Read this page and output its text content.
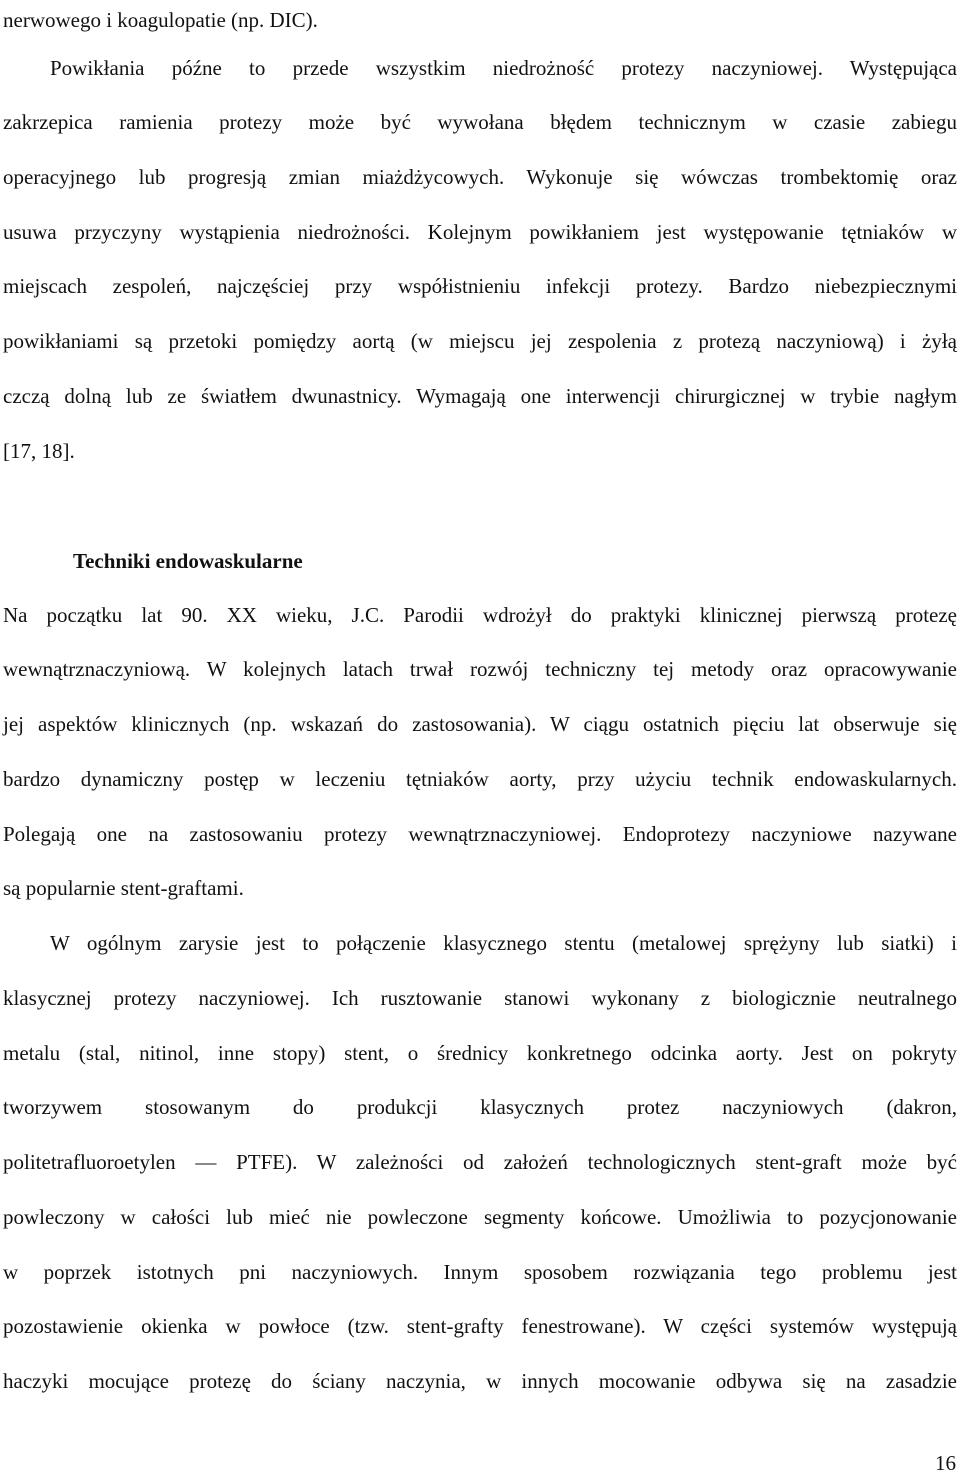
nerwowego i koagulopatie (np. DIC).
Powikłania późne to przede wszystkim niedrożność protezy naczyniowej. Występująca
zakrzepica ramienia protezy może być wywołana błędem technicznym w czasie zabiegu
operacyjnego lub progresją zmian miażdżycowych. Wykonuje się wówczas trombektomię oraz
usuwa przyczyny wystąpienia niedrożności. Kolejnym powikłaniem jest występowanie tętniaków w
miejscach zespoleń, najczęściej przy współistnieniu infekcji protezy. Bardzo niebezpiecznymi
powikłaniami są przetoki pomiędzy aortą (w miejscu jej zespolenia z protezą naczyniową) i żyłą
czczą dolną lub ze światłem dwunastnicy. Wymagają one interwencji chirurgicznej w trybie nagłym
[17, 18].
Techniki endowaskularne
Na początku lat 90. XX wieku, J.C. Parodii wdrożył do praktyki klinicznej pierwszą protezę
wewnątrznaczyniową. W kolejnych latach trwał rozwój techniczny tej metody oraz opracowywanie
jej aspektów klinicznych (np. wskazań do zastosowania). W ciągu ostatnich pięciu lat obserwuje się
bardzo dynamiczny postęp w leczeniu tętniaków aorty, przy użyciu technik endowaskularnych.
Polegają one na zastosowaniu protezy wewnątrznaczyniowej. Endoprotezy naczyniowe nazywane
są popularnie stent-graftami.
W ogólnym zarysie jest to połączenie klasycznego stentu (metalowej sprężyny lub siatki) i
klasycznej protezy naczyniowej. Ich rusztowanie stanowi wykonany z biologicznie neutralnego
metalu (stal, nitinol, inne stopy) stent, o średnicy konkretnego odcinka aorty. Jest on pokryty
tworzywem stosowanym do produkcji klasycznych protez naczyniowych (dakron,
politetrafluoroetylen — PTFE). W zależności od założeń technologicznych stent-graft może być
powleczony w całości lub mieć nie powleczone segmenty końcowe. Umożliwia to pozycjonowanie
w poprzek istotnych pni naczyniowych. Innym sposobem rozwiązania tego problemu jest
pozostawienie okienka w powłoce (tzw. stent-grafty fenestrowane). W części systemów występują
haczyki mocujące protezę do ściany naczynia, w innych mocowanie odbywa się na zasadzie
16
